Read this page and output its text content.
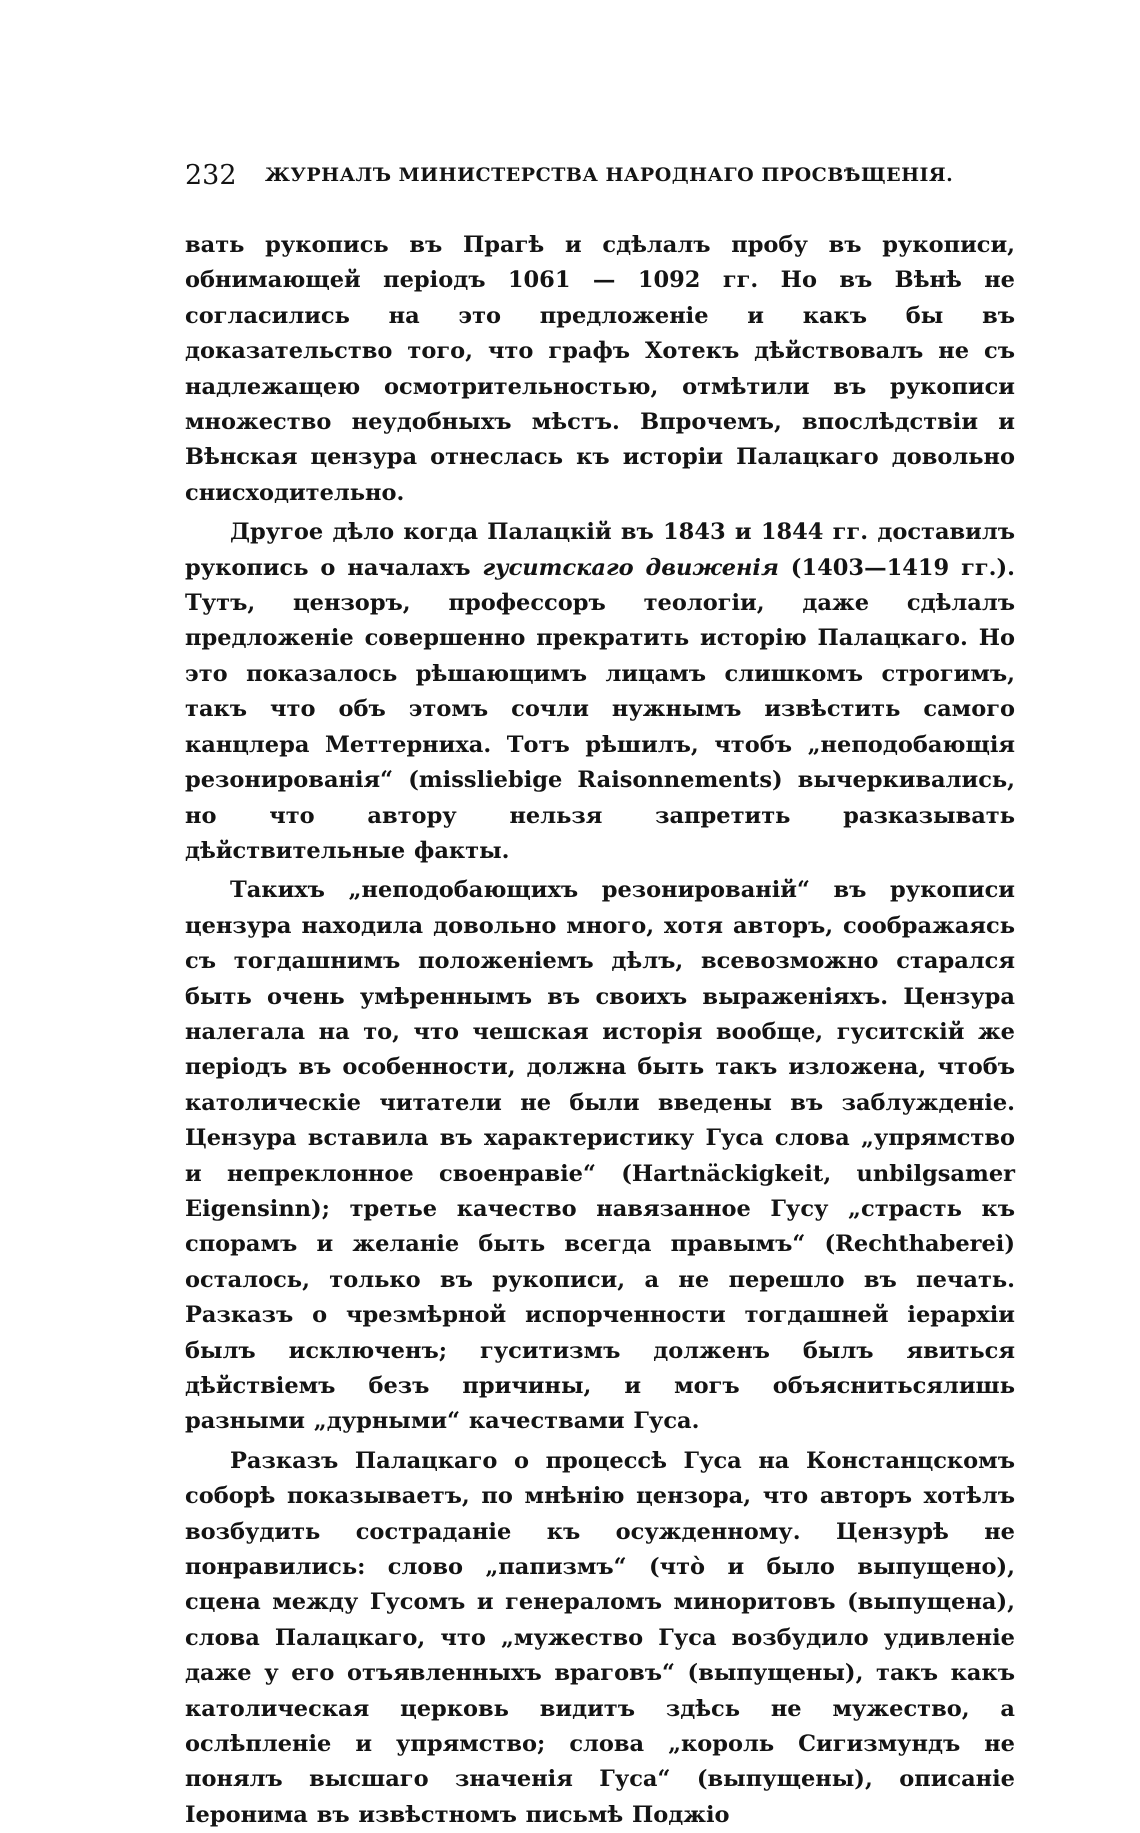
232 ЖУРНАЛЪ МИНИСТЕРСТВА НАРОДНАГО ПРОСВѢЩЕНІЯ.

вать рукопись въ Прагѣ и сдѣлалъ пробу въ рукописи, обнимающей періодъ 1061 — 1092 гг. Но въ Вѣнѣ не согласились на это предложеніе и какъ бы въ доказательство того, что графъ Хотекъ дѣйствовалъ не съ надлежащею осмотрительностью, отмѣтили въ рукописи множество неудобныхъ мѣстъ. Впрочемъ, впослѣдствіи и Вѣнская цензура отнеслась къ исторіи Палацкаго довольно снисходительно.

Другое дѣло когда Палацкій въ 1843 и 1844 гг. доставилъ рукопись о началахъ гуситскаго движенія (1403—1419 гг.). Тутъ, цензоръ, профессоръ теологіи, даже сдѣлалъ предложеніе совершенно прекратить исторію Палацкаго. Но это показалось рѣшающимъ лицамъ слишкомъ строгимъ, такъ что объ этомъ сочли нужнымъ извѣстить самого канцлера Меттерниха. Тотъ рѣшилъ, чтобъ „неподобающія резонированія“ (missliebige Raisonnements) вычеркивались, но что автору нельзя запретить разказывать дѣйствительные факты.

Такихъ „неподобающихъ резонированій“ въ рукописи цензура находила довольно много, хотя авторъ, соображаясь съ тогдашнимъ положеніемъ дѣлъ, всевозможно старался быть очень умѣреннымъ въ своихъ выраженіяхъ. Цензура налегала на то, что чешская исторія вообще, гуситскій же періодъ въ особенности, должна быть такъ изложена, чтобъ католическіе читатели не были введены въ заблужденіе. Цензура вставила въ характеристику Гуса слова „упрямство и непреклонное своенравіе“ (Hartnäckigkeit, unbilgsamer Eigensinn); третье качество навязанное Гусу „страсть къ спорамъ и желаніе быть всегда правымъ“ (Rechthaberei) осталось, только въ рукописи, а не перешло въ печать. Разказъ о чрезмѣрной испорченности тогдашней іерархіи былъ исключенъ; гуситизмъ долженъ былъ явиться дѣйствіемъ безъ причины, и могъ объяснитьсялишь разными „дурными“ качествами Гуса.

Разказъ Палацкаго о процессѣ Гуса на Констанцскомъ соборѣ показываетъ, по мнѣнію цензора, что авторъ хотѣлъ возбудить состраданіе къ осужденному. Цензурѣ не понравились: слово „папизмъ“ (что̀ и было выпущено), сцена между Гусомъ и генераломъ миноритовъ (выпущена), слова Палацкаго, что „мужество Гуса возбудило удивленіе даже у его отъявленныхъ враговъ“ (выпущены), такъ какъ католическая церковь видитъ здѣсь не мужество, а ослѣпленіе и упрямство; слова „король Сигизмундъ не понялъ высшаго значенія Гуса“ (выпущены), описаніе Іеронима въ извѣстномъ письмѣ Поджіо
